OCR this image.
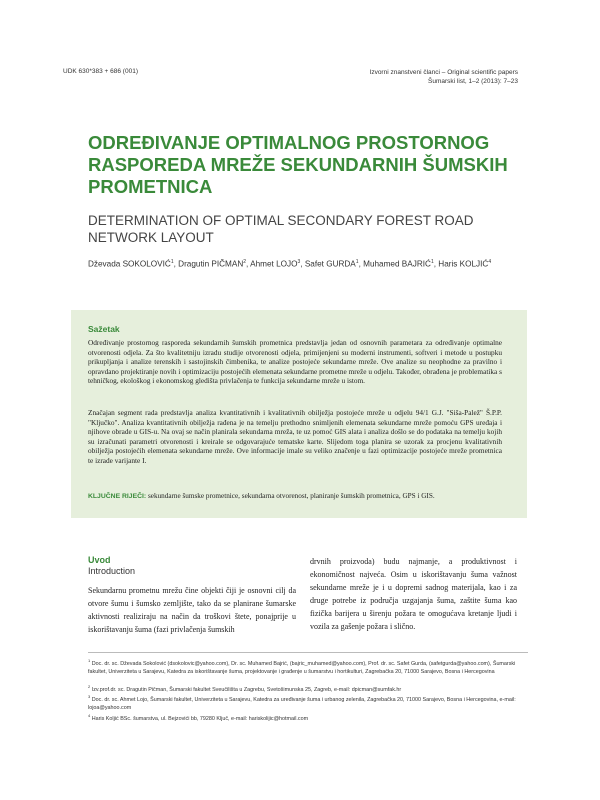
UDK 630*383 + 686 (001)	Izvorni znanstveni članci – Original scientific papers
Šumarski list, 1–2 (2013): 7–23
ODREĐIVANJE OPTIMALNOG PROSTORNOG RASPOREDA MREŽE SEKUNDARNIH ŠUMSKIH PROMETNICA
DETERMINATION OF OPTIMAL SECONDARY FOREST ROAD NETWORK LAYOUT
Dževada SOKOLOVIĆ$^1$, Dragutin PIČMAN$^2$, Ahmet LOJO$^3$, Safet GURDA$^1$, Muhamed BAJRIĆ$^1$, Haris KOLJIĆ$^4$
Sažetak
Određivanje prostornog rasporeda sekundarnih šumskih prometnica predstavlja jedan od osnovnih parametara za određivanje optimalne otvorenosti odjela. Za što kvalitetniju izradu studije otvorenosti odjela, primijenjeni su moderni instrumenti, softveri i metode u postupku prikupljanja i analize terenskih i sastojinskih čimbenika, te analize postojeće sekundarne mreže. Ove analize su neophodne za pravilno i opravdano projektiranje novih i optimizaciju postojećih elemenata sekundarne prometne mreže u odjelu. Također, obrađena je problematika s tehničkog, ekološkog i ekonomskog gledišta privlačenja te funkcija sekundarne mreže u istom.
Značajan segment rada predstavlja analiza kvantitativnih i kvalitativnih obilježja postojeće mreže u odjelu 94/1 G.J. "Siša-Palež" Š.P.P. "Ključko". Analiza kvantitativnih obilježja rađena je na temelju prethodno snimljenih elemenata sekundarne mreže pomoću GPS uređaja i njihove obrade u GIS-u. Na ovaj se način planirala sekundarna mreža, te uz pomoć GIS alata i analiza došlo se do podataka na temelju kojih su izračunati parametri otvorenosti i kreirale se odgovarajuće tematske karte. Slijedom toga planira se uzorak za procjenu kvalitativnih obilježja postojećih elemenata sekundarne mreže. Ove informacije imale su veliko značenje u fazi optimizacije postojeće mreže prometnica te izrade varijante I.
KLJUČNE RIJEČI: sekundarne šumske prometnice, sekundarna otvorenost, planiranje šumskih prometnica, GPS i GIS.
Uvod
Introduction
Sekundarnu prometnu mrežu čine objekti čiji je osnovni cilj da otvore šumu i šumsko zemljište, tako da se planirane šumarske aktivnosti realiziraju na način da troškovi štete, ponajprije u iskorištavanju šuma (fazi privlačenja šumskih
drvnih proizvoda) budu najmanje, a produktivnost i ekonomičnost najveća. Osim u iskorištavanju šuma važnost sekundarne mreže je i u dopremi sadnog materijala, kao i za druge potrebe iz područja uzgajanja šuma, zaštite šuma kao fizička barijera u širenju požara te omogućava kretanje ljudi i vozila za gašenje požara i slično.
$^1$ Doc. dr. sc. Dževada Sokolović (dsokolovic@yahoo.com), Dr. sc. Muhamed Bajrić, (bajric_muhamed@yahoo.com), Prof. dr. sc. Safet Gurda, (safetgurda@yahoo.com), Šumarski fakultet, Univerziteta u Sarajevu, Katedra za iskorištavanje šuma, projektovanje i građenje u šumarstvu i hortikulturi, Zagrebačka 20, 71000 Sarajevo, Bosna i Hercegovina
$^2$ Izv.prof.dr. sc. Dragutin Pičman, Šumarski fakultet Sveučilišta u Zagrebu, Svetošimunska 25, Zagreb, e-mail: dpicman@sumfak.hr
$^3$ Doc. dr. sc. Ahmet Lojo, Šumarski fakultet, Univerziteta u Sarajevu, Katedra za uređivanje šuma i urbanog zelenila, Zagrebačka 20, 71000 Sarajevo, Bosna i Hercegovina, e-mail: lojoa@yahoo.com
$^4$ Haris Koljić BSc. šumarstva, ul. Bejzovići bb, 79280 Ključ, e-mail: hariskolijic@hotmail.com
